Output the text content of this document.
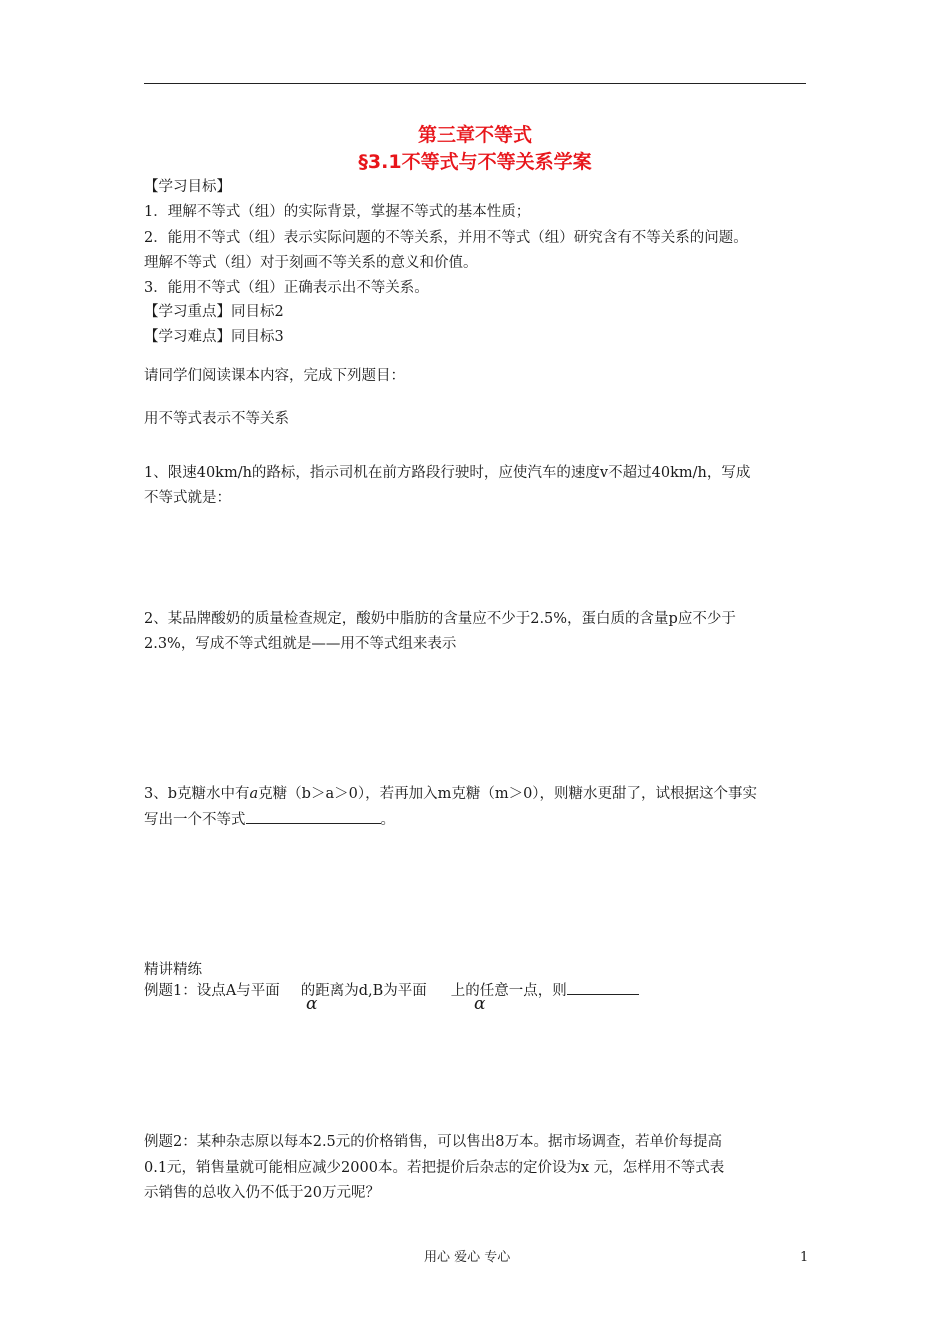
第三章不等式
§3.1不等式与不等关系学案
【学习目标】
1．理解不等式（组）的实际背景，掌握不等式的基本性质；
2．能用不等式（组）表示实际问题的不等关系，并用不等式（组）研究含有不等关系的问题。
理解不等式（组）对于刻画不等关系的意义和价值。
3．能用不等式（组）正确表示出不等关系。
【学习重点】同目标2
【学习难点】同目标3
请同学们阅读课本内容，完成下列题目：
用不等式表示不等关系
1、限速40km/h的路标，指示司机在前方路段行驶时，应使汽车的速度v不超过40km/h，写成
不等式就是：
2、某品牌酸奶的质量检查规定，酸奶中脂肪的含量应不少于2.5%，蛋白质的含量p应不少于
2.3%，写成不等式组就是——用不等式组来表示
3、b克糖水中有a克糖（b＞a＞0），若再加入m克糖（m＞0），则糖水更甜了，试根据这个事实
写出一个不等式	。
精讲精练
例题1：设点A与平面 的距离为d,B为平面 上的任意一点，则
α	α
例题2：某种杂志原以每本2.5元的价格销售，可以售出8万本。据市场调查，若单价每提高
0.1元，销售量就可能相应减少2000本。若把提价后杂志的定价设为x 元，怎样用不等式表
示销售的总收入仍不低于20万元呢？
用心 爱心 专心	1
